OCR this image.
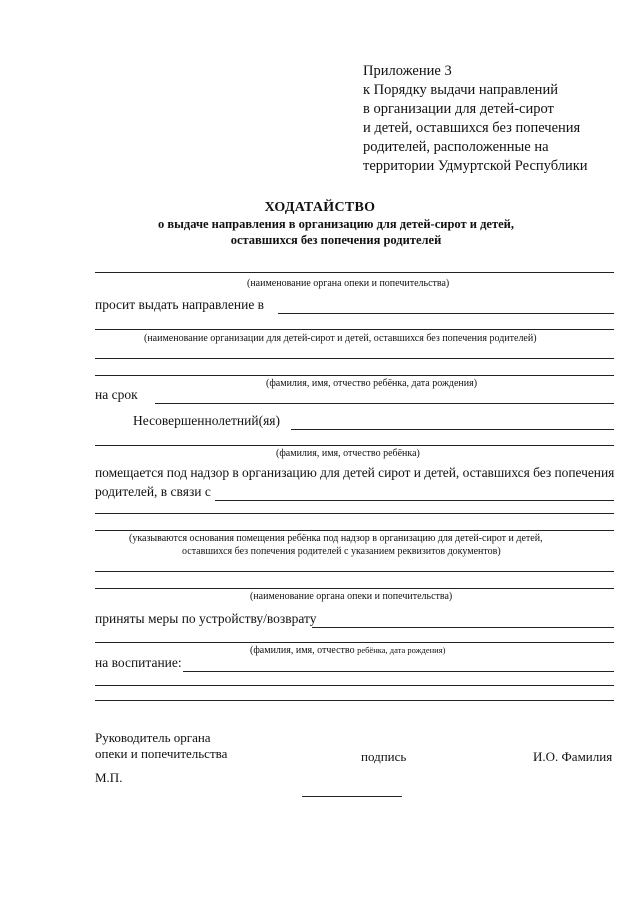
Приложение 3
к Порядку выдачи направлений
в организации для детей-сирот
и детей, оставшихся без попечения
родителей, расположенные на
территории Удмуртской Республики
ХОДАТАЙСТВО
о выдаче направления в организацию для детей-сирот и детей,
оставшихся без попечения родителей
(наименование органа опеки и попечительства)
просит выдать направление в
(наименование организации для детей-сирот и детей, оставшихся без попечения родителей)
(фамилия, имя, отчество ребёнка, дата рождения)
на срок
Несовершеннолетний(яя)
(фамилия, имя, отчество ребёнка)
помещается под надзор в организацию для детей сирот и детей, оставшихся без попечения
родителей, в связи с
(указываются основания помещения ребёнка под надзор в организацию для детей-сирот и детей,
оставшихся без попечения родителей с указанием реквизитов документов)
(наименование органа опеки и попечительства)
приняты меры по устройству/возврату
(фамилия, имя, отчество ребёнка, дата рождения)
на воспитание:
Руководитель органа
опеки и попечительства	подпись	И.О. Фамилия
М.П.
